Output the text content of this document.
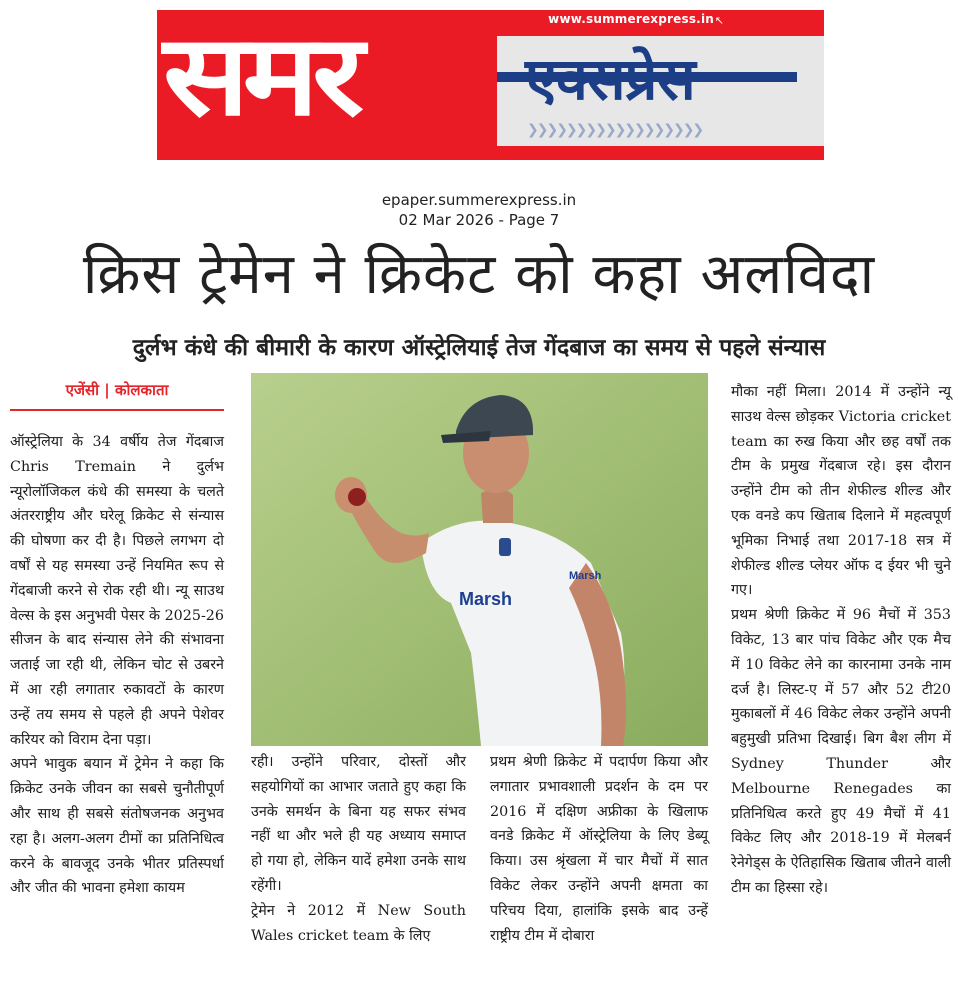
समर	एक्सप्रेस
❯❯❯❯❯❯❯❯❯❯❯❯❯❯❯❯❯❯
www.summerexpress.in ↖
epaper.summerexpress.in
02 Mar 2026 - Page 7
क्रिस ट्रेमेन ने क्रिकेट को कहा अलविदा
दुर्लभ कंधे की बीमारी के कारण ऑस्ट्रेलियाई तेज गेंदबाज का समय से पहले संन्यास
एजेंसी | कोलकाता
Marsh
Marsh

ऑस्ट्रेलिया के 34 वर्षीय तेज गेंदबाज Chris Tremain ने दुर्लभ न्यूरोलॉजिकल कंधे की समस्या के चलते अंतरराष्ट्रीय और घरेलू क्रिकेट से संन्यास की घोषणा कर दी है। पिछले लगभग दो वर्षों से यह समस्या उन्हें नियमित रूप से गेंदबाजी करने से रोक रही थी। न्यू साउथ वेल्स के इस अनुभवी पेसर के 2025-26 सीजन के बाद संन्यास लेने की संभावना जताई जा रही थी, लेकिन चोट से उबरने में आ रही लगातार रुकावटों के कारण उन्हें तय समय से पहले ही अपने पेशेवर करियर को विराम देना पड़ा।

अपने भावुक बयान में ट्रेमेन ने कहा कि क्रिकेट उनके जीवन का सबसे चुनौतीपूर्ण और साथ ही सबसे संतोषजनक अनुभव रहा है। अलग-अलग टीमों का प्रतिनिधित्व करने के बावजूद उनके भीतर प्रतिस्पर्धा और जीत की भावना हमेशा कायम

रही। उन्होंने परिवार, दोस्तों और सहयोगियों का आभार जताते हुए कहा कि उनके समर्थन के बिना यह सफर संभव नहीं था और भले ही यह अध्याय समाप्त हो गया हो, लेकिन यादें हमेशा उनके साथ रहेंगी।

ट्रेमेन ने 2012 में New South Wales cricket team के लिए

प्रथम श्रेणी क्रिकेट में पदार्पण किया और लगातार प्रभावशाली प्रदर्शन के दम पर 2016 में दक्षिण अफ्रीका के खिलाफ वनडे क्रिकेट में ऑस्ट्रेलिया के लिए डेब्यू किया। उस श्रृंखला में चार मैचों में सात विकेट लेकर उन्होंने अपनी क्षमता का परिचय दिया, हालांकि इसके बाद उन्हें राष्ट्रीय टीम में दोबारा

मौका नहीं मिला। 2014 में उन्होंने न्यू साउथ वेल्स छोड़कर Victoria cricket team का रुख किया और छह वर्षों तक टीम के प्रमुख गेंदबाज रहे। इस दौरान उन्होंने टीम को तीन शेफील्ड शील्ड और एक वनडे कप खिताब दिलाने में महत्वपूर्ण भूमिका निभाई तथा 2017-18 सत्र में शेफील्ड शील्ड प्लेयर ऑफ द ईयर भी चुने गए।

प्रथम श्रेणी क्रिकेट में 96 मैचों में 353 विकेट, 13 बार पांच विकेट और एक मैच में 10 विकेट लेने का कारनामा उनके नाम दर्ज है। लिस्ट-ए में 57 और 52 टी20 मुकाबलों में 46 विकेट लेकर उन्होंने अपनी बहुमुखी प्रतिभा दिखाई। बिग बैश लीग में Sydney Thunder और Melbourne Renegades का प्रतिनिधित्व करते हुए 49 मैचों में 41 विकेट लिए और 2018-19 में मेलबर्न रेनेगेड्स के ऐतिहासिक खिताब जीतने वाली टीम का हिस्सा रहे।
